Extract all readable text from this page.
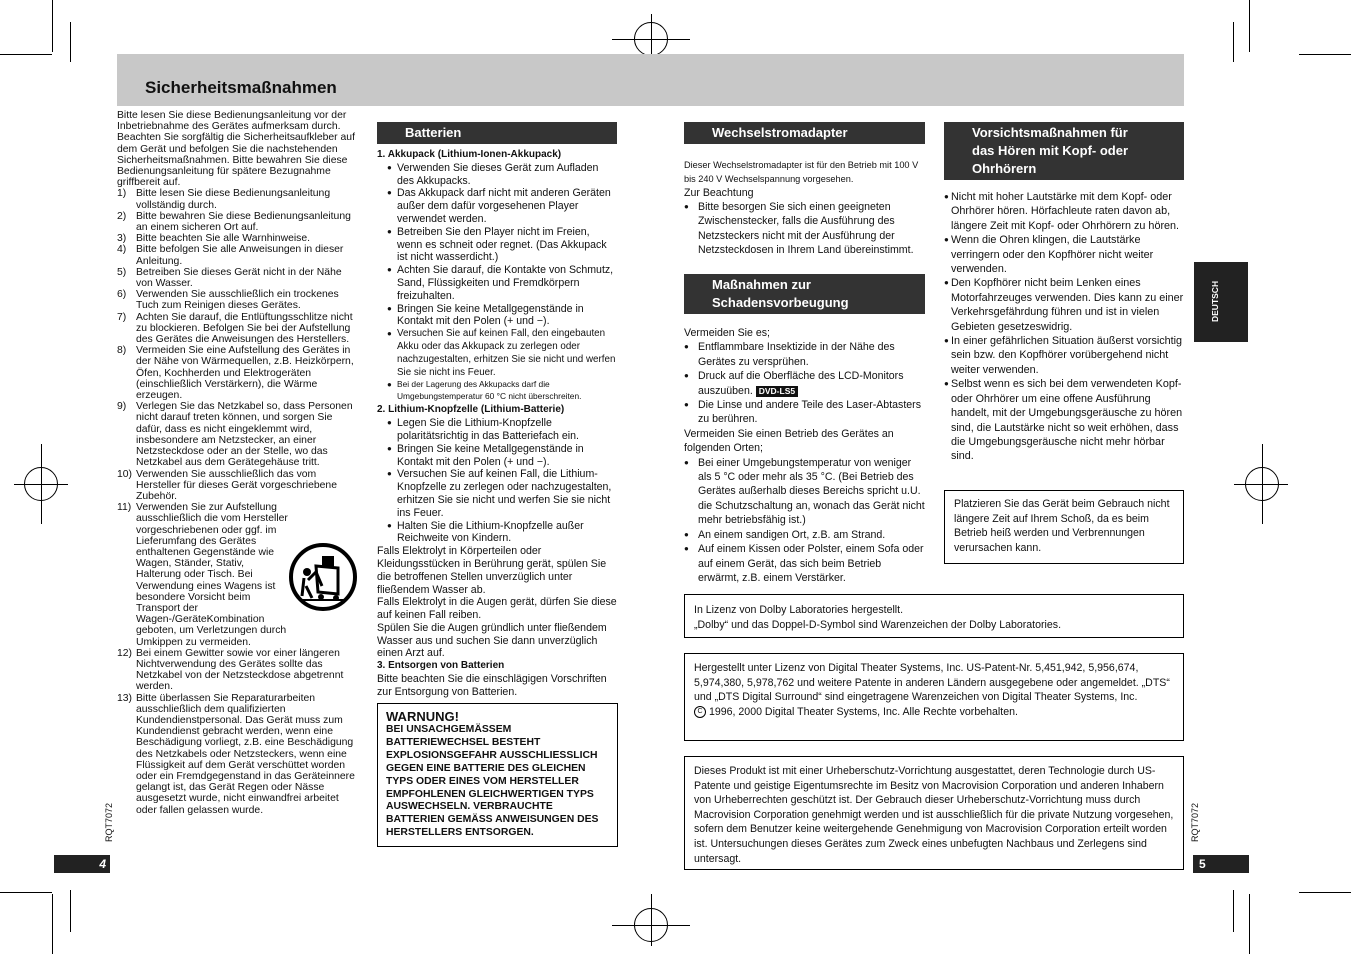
Sicherheitsmaßnahmen

Bitte lesen Sie diese Bedienungsanleitung vor der Inbetriebnahme des Gerätes aufmerksam durch. Beachten Sie sorgfältig die Sicherheitsaufkleber auf dem Gerät und befolgen Sie die nachstehenden Sicherheitsmaßnahmen. Bitte bewahren Sie diese Bedienungsanleitung für spätere Bezugnahme griffbereit auf.

1) Bitte lesen Sie diese Bedienungsanleitung vollständig durch.
2) Bitte bewahren Sie diese Bedienungsanleitung an einem sicheren Ort auf.
3) Bitte beachten Sie alle Warnhinweise.
4) Bitte befolgen Sie alle Anweisungen in dieser Anleitung.
5) Betreiben Sie dieses Gerät nicht in der Nähe von Wasser.
6) Verwenden Sie ausschließlich ein trockenes Tuch zum Reinigen dieses Gerätes.
7) Achten Sie darauf, die Entlüftungsschlitze nicht zu blockieren. Befolgen Sie bei der Aufstellung des Gerätes die Anweisungen des Herstellers.
8) Vermeiden Sie eine Aufstellung des Gerätes in der Nähe von Wärmequellen, z.B. Heizkörpern, Öfen, Kochherden und Elektrogeräten (einschließlich Verstärkern), die Wärme erzeugen.
9) Verlegen Sie das Netzkabel so, dass Personen nicht darauf treten können, und sorgen Sie dafür, dass es nicht eingeklemmt wird, insbesondere am Netzstecker, an einer Netzsteckdose oder an der Stelle, wo das Netzkabel aus dem Gerätegehäuse tritt.
10) Verwenden Sie ausschließlich das vom Hersteller für dieses Gerät vorgeschriebene Zubehör.
11) Verwenden Sie zur Aufstellung ausschließlich die vom Hersteller vorgeschriebenen oder ggf. im Lieferumfang des Gerätes enthaltenen Gegenstände wie Wagen, Ständer, Stativ, Halterung oder Tisch. Bei Verwendung eines Wagens ist besondere Vorsicht beim Transport der Wagen-/GerätеKombination geboten, um Verletzungen durch Umkippen zu vermeiden.
12) Bei einem Gewitter sowie vor einer längeren Nichtverwendung des Gerätes sollte das Netzkabel von der Netzsteckdose abgetrennt werden.
13) Bitte überlassen Sie Reparaturarbeiten ausschließlich dem qualifizierten Kundendienstpersonal. Das Gerät muss zum Kundendienst gebracht werden, wenn eine Beschädigung vorliegt, z.B. eine Beschädigung des Netzkabels oder Netzsteckers, wenn eine Flüssigkeit auf dem Gerät verschüttet worden oder ein Fremdgegenstand in das Geräteinnere gelangt ist, das Gerät Regen oder Nässe ausgesetzt wurde, nicht einwandfrei arbeitet oder fallen gelassen wurde.
4
RQT7072
Batterien

1. Akkupack (Lithium-Ionen-Akkupack)

● Verwenden Sie dieses Gerät zum Aufladen des Akkupacks.

● Das Akkupack darf nicht mit anderen Geräten außer dem dafür vorgesehenen Player verwendet werden.

● Betreiben Sie den Player nicht im Freien, wenn es schneit oder regnet. (Das Akkupack ist nicht wasserdicht.)

● Achten Sie darauf, die Kontakte von Schmutz, Sand, Flüssigkeiten und Fremdkörpern freizuhalten.

● Bringen Sie keine Metallgegenstände in Kontakt mit den Polen (+ und −).

● Versuchen Sie auf keinen Fall, den eingebauten Akku oder das Akkupack zu zerlegen oder nachzugestalten, erhitzen Sie sie nicht und werfen Sie sie nicht ins Feuer.

● Bei der Lagerung des Akkupacks darf die Umgebungstemperatur 60 °C nicht überschreiten.

2. Lithium-Knopfzelle (Lithium-Batterie)

● Legen Sie die Lithium-Knopfzelle polaritätsrichtig in das Batteriefach ein.

● Bringen Sie keine Metallgegenstände in Kontakt mit den Polen (+ und −).

● Versuchen Sie auf keinen Fall, die Lithium-Knopfzelle zu zerlegen oder nachzugestalten, erhitzen Sie sie nicht und werfen Sie sie nicht ins Feuer.

● Halten Sie die Lithium-Knopfzelle außer Reichweite von Kindern.

Falls Elektrolyt in Körperteilen oder Kleidungsstücken in Berührung gerät, spülen Sie die betroffenen Stellen unverzüglich unter fließendem Wasser ab.

Falls Elektrolyt in die Augen gerät, dürfen Sie diese auf keinen Fall reiben.

Spülen Sie die Augen gründlich unter fließendem Wasser aus und suchen Sie dann unverzüglich einen Arzt auf.

3. Entsorgen von Batterien

Bitte beachten Sie die einschlägigen Vorschriften zur Entsorgung von Batterien.

WARNUNG!
BEI UNSACHGEMÄSSEM BATTERIEWECHSEL BESTEHT EXPLOSIONSGEFAHR AUSSCHLIESSLICH GEGEN EINE BATTERIE DES GLEICHEN TYPS ODER EINES VOM HERSTELLER EMPFOHLENEN GLEICHWERTIGEN TYPS AUSWECHSELN. VERBRAUCHTE BATTERIEN GEMÄSS ANWEISUNGEN DES HERSTELLERS ENTSORGEN.
Wechselstromadapter

Dieser Wechselstromadapter ist für den Betrieb mit 100 V bis 240 V Wechselspannung vorgesehen.

Zur Beachtung

● Bitte besorgen Sie sich einen geeigneten Zwischenstecker, falls die Ausführung des Netzsteckers nicht mit der Ausführung der Netzsteckdosen in Ihrem Land übereinstimmt.

Maßnahmen zur
Schadensvorbeugung

Vermeiden Sie es;

● Entflammbare Insektizide in der Nähe des Gerätes zu versprühen.

● Druck auf die Oberfläche des LCD-Monitors auszuüben. DVD-LS5

● Die Linse und andere Teile des Laser-Abtasters zu berühren.

Vermeiden Sie einen Betrieb des Gerätes an folgenden Orten;

● Bei einer Umgebungstemperatur von weniger als 5 °C oder mehr als 35 °C. (Bei Betrieb des Gerätes außerhalb dieses Bereichs spricht u.U. die Schutzschaltung an, wonach das Gerät nicht mehr betriebsfähig ist.)

● An einem sandigen Ort, z.B. am Strand.

● Auf einem Kissen oder Polster, einem Sofa oder auf einem Gerät, das sich beim Betrieb erwärmt, z.B. einem Verstärker.

Vorsichtsmaßnahmen für
das Hören mit Kopf- oder
Ohrhörern

● Nicht mit hoher Lautstärke mit dem Kopf- oder Ohrhörer hören. Hörfachleute raten davon ab, längere Zeit mit Kopf- oder Ohrhörern zu hören.

● Wenn die Ohren klingen, die Lautstärke verringern oder den Kopfhörer nicht weiter verwenden.

● Den Kopfhörer nicht beim Lenken eines Motorfahrzeuges verwenden. Dies kann zu einer Verkehrsgefährdung führen und ist in vielen Gebieten gesetzeswidrig.

● In einer gefährlichen Situation äußerst vorsichtig sein bzw. den Kopfhörer vorübergehend nicht weiter verwenden.

● Selbst wenn es sich bei dem verwendeten Kopf- oder Ohrhörer um eine offene Ausführung handelt, mit der Umgebungsgeräusche zu hören sind, die Lautstärke nicht so weit erhöhen, dass die Umgebungsgeräusche nicht mehr hörbar sind.

Platzieren Sie das Gerät beim Gebrauch nicht längere Zeit auf Ihrem Schoß, da es beim Betrieb heiß werden und Verbrennungen verursachen kann.
In Lizenz von Dolby Laboratories hergestellt.
„Dolby“ und das Doppel-D-Symbol sind Warenzeichen der Dolby Laboratories.
Hergestellt unter Lizenz von Digital Theater Systems, Inc. US-Patent-Nr. 5,451,942, 5,956,674, 5,974,380, 5,978,762 und weitere Patente in anderen Ländern ausgegebene oder angemeldet. „DTS“ und „DTS Digital Surround“ sind eingetragene Warenzeichen von Digital Theater Systems, Inc.
C 1996, 2000 Digital Theater Systems, Inc. Alle Rechte vorbehalten.
Dieses Produkt ist mit einer Urheberschutz-Vorrichtung ausgestattet, deren Technologie durch US-Patente und geistige Eigentumsrechte im Besitz von Macrovision Corporation und anderen Inhabern von Urheberrechten geschützt ist. Der Gebrauch dieser Urheberschutz-Vorrichtung muss durch Macrovision Corporation genehmigt werden und ist ausschließlich für die private Nutzung vorgesehen, sofern dem Benutzer keine weitergehende Genehmigung von Macrovision Corporation erteilt worden ist. Untersuchungen dieses Gerätes zum Zweck eines unbefugten Nachbaus und Zerlegens sind untersagt.
DEUTSCH
5
RQT7072
